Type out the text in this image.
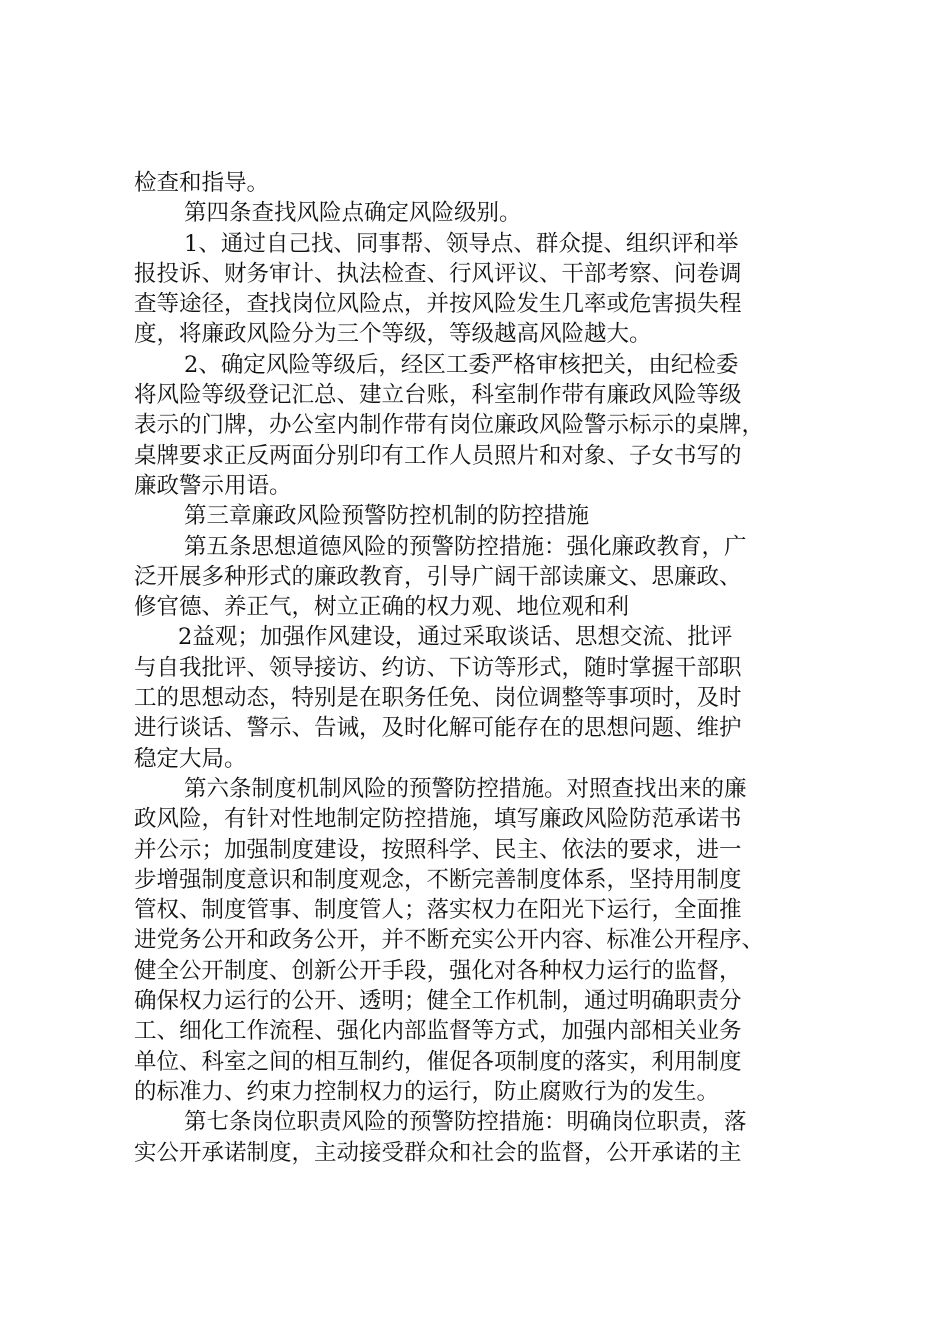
检查和指导。
第四条查找风险点确定风险级别。
1、通过自己找、同事帮、领导点、群众提、组织评和举
报投诉、财务审计、执法检查、行风评议、干部考察、问卷调
查等途径，查找岗位风险点，并按风险发生几率或危害损失程
度，将廉政风险分为三个等级，等级越高风险越大。
2、确定风险等级后，经区工委严格审核把关，由纪检委
将风险等级登记汇总、建立台账，科室制作带有廉政风险等级
表示的门牌，办公室内制作带有岗位廉政风险警示标示的桌牌，
桌牌要求正反两面分别印有工作人员照片和对象、子女书写的
廉政警示用语。
第三章廉政风险预警防控机制的防控措施
第五条思想道德风险的预警防控措施：强化廉政教育，广
泛开展多种形式的廉政教育，引导广阔干部读廉文、思廉政、
修官德、养正气，树立正确的权力观、地位观和利
2益观；加强作风建设，通过采取谈话、思想交流、批评
与自我批评、领导接访、约访、下访等形式，随时掌握干部职
工的思想动态，特别是在职务任免、岗位调整等事项时，及时
进行谈话、警示、告诫，及时化解可能存在的思想问题、维护
稳定大局。
第六条制度机制风险的预警防控措施。对照查找出来的廉
政风险，有针对性地制定防控措施，填写廉政风险防范承诺书
并公示；加强制度建设，按照科学、民主、依法的要求，进一
步增强制度意识和制度观念，不断完善制度体系，坚持用制度
管权、制度管事、制度管人；落实权力在阳光下运行，全面推
进党务公开和政务公开，并不断充实公开内容、标准公开程序、
健全公开制度、创新公开手段，强化对各种权力运行的监督，
确保权力运行的公开、透明；健全工作机制，通过明确职责分
工、细化工作流程、强化内部监督等方式，加强内部相关业务
单位、科室之间的相互制约，催促各项制度的落实，利用制度
的标准力、约束力控制权力的运行，防止腐败行为的发生。
第七条岗位职责风险的预警防控措施：明确岗位职责，落
实公开承诺制度，主动接受群众和社会的监督，公开承诺的主
